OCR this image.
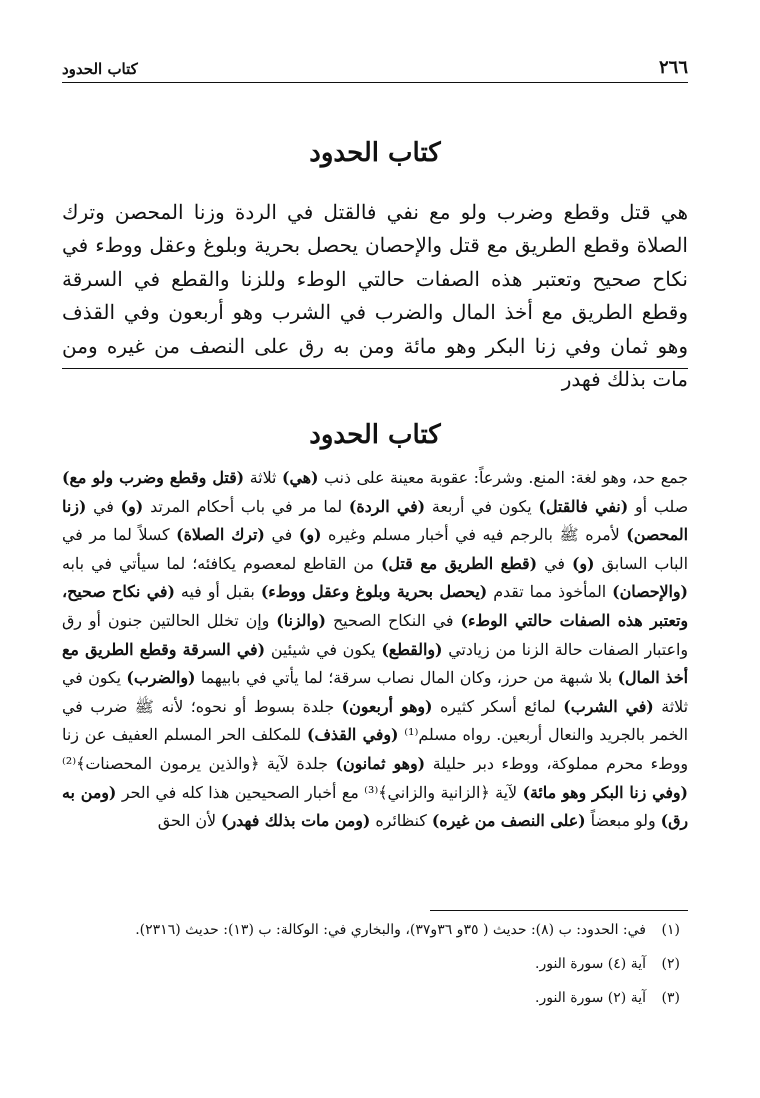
٢٦٦
كتاب الحدود
كتاب الحدود
هي قتل وقطع وضرب ولو مع نفي فالقتل في الردة وزنا المحصن وترك الصلاة وقطع الطريق مع قتل والإحصان يحصل بحرية وبلوغ وعقل ووطء في نكاح صحيح وتعتبر هذه الصفات حالتي الوطء وللزنا والقطع في السرقة وقطع الطريق مع أخذ المال والضرب في الشرب وهو أربعون وفي القذف وهو ثمان وفي زنا البكر وهو مائة ومن به رق على النصف من غيره ومن مات بذلك فهدر
كتاب الحدود
جمع حد، وهو لغة: المنع. وشرعاً: عقوبة معينة على ذنب (هي) ثلاثة (قتل وقطع وضرب ولو مع) صلب أو (نفي فالقتل) يكون في أربعة (في الردة) لما مر في باب أحكام المرتد (و) في (زنا المحصن) لأمره ﷺ بالرجم فيه في أخبار مسلم وغيره (و) في (ترك الصلاة) كسلاً لما مر في الباب السابق (و) في (قطع الطريق مع قتل) من القاطع لمعصوم يكافئه؛ لما سيأتي في بابه (والإحصان) المأخوذ مما تقدم (يحصل بحرية وبلوغ وعقل ووطء) بقبل أو فيه (في نكاح صحيح، وتعتبر هذه الصفات حالتي الوطء) في النكاح الصحيح (والزنا) وإن تخلل الحالتين جنون أو رق واعتبار الصفات حالة الزنا من زيادتي (والقطع) يكون في شيئين (في السرقة وقطع الطريق مع أخذ المال) بلا شبهة من حرز، وكان المال نصاب سرقة؛ لما يأتي في بابيهما (والضرب) يكون في ثلاثة (في الشرب) لمائع أسكر كثيره (وهو أربعون) جلدة بسوط أو نحوه؛ لأنه ﷺ ضرب في الخمر بالجريد والنعال أربعين. رواه مسلم⁽¹⁾ (وفي القذف) للمكلف الحر المسلم العفيف عن زنا ووطء محرم مملوكة، ووطء دبر حليلة (وهو ثمانون) جلدة لآية ﴿والذين يرمون المحصنات﴾⁽²⁾ (وفي زنا البكر وهو مائة) لآية ﴿الزانية والزاني﴾⁽³⁾ مع أخبار الصحيحين هذا كله في الحر (ومن به رق) ولو مبعضاً (على النصف من غيره) كنظائره (ومن مات بذلك فهدر) لأن الحق
(١)
في: الحدود: ب (٨): حديث ( ٣٥و ٣٦و٣٧)، والبخاري في: الوكالة: ب (١٣): حديث (٢٣١٦).
(٢)
آية (٤) سورة النور.
(٣)
آية (٢) سورة النور.
